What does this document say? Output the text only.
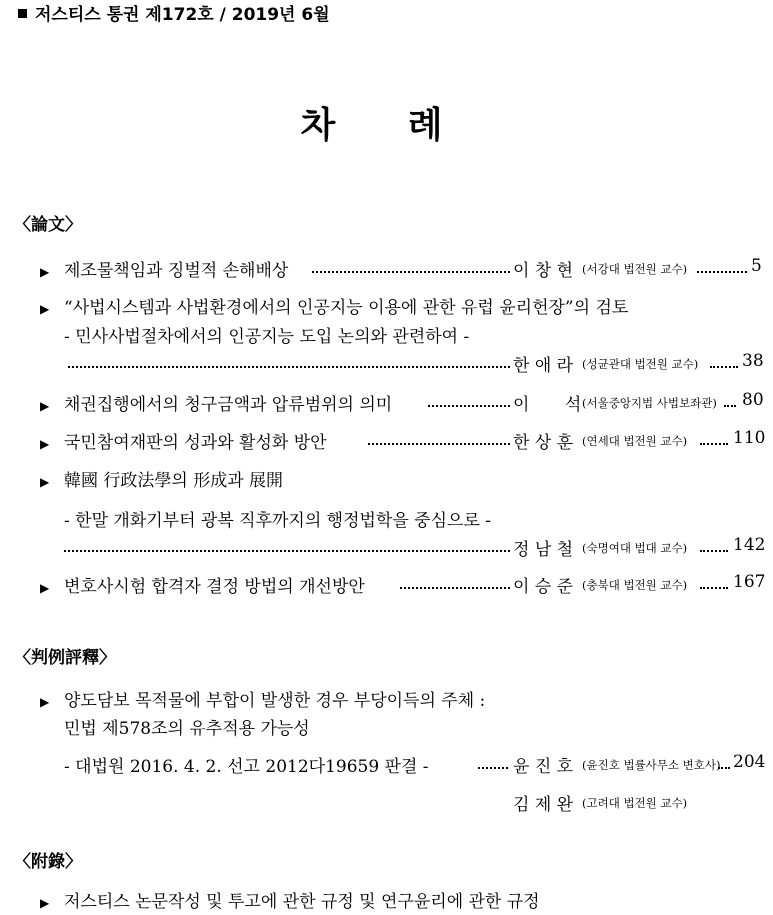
저스티스 통권 제172호 / 2019년 6월
차 례
〈論文〉
▶ 제조물책임과 징벌적 손해배상	이 창 현 (서강대 법전원 교수)	5
▶ “사법시스템과 사법환경에서의 인공지능 이용에 관한 유럽 윤리헌장”의 검토
- 민사사법절차에서의 인공지능 도입 논의와 관련하여 -
한 애 라 (성균관대 법전원 교수)	38
▶ 채권집행에서의 청구금액과 압류범위의 의미	이 석 (서울중앙지법 사법보좌관) 80
▶ 국민참여재판의 성과와 활성화 방안	한 상 훈 (연세대 법전원 교수)	110
▶ 韓國 行政法學의 形成과 展開
- 한말 개화기부터 광복 직후까지의 행정법학을 중심으로 -
정 남 철 (숙명여대 법대 교수)	142
▶ 변호사시험 합격자 결정 방법의 개선방안	이 승 준 (충북대 법전원 교수)	167
〈判例評釋〉
▶ 양도담보 목적물에 부합이 발생한 경우 부당이득의 주체 :
민법 제578조의 유추적용 가능성
- 대법원 2016. 4. 2. 선고 2012다19659 판결 -	윤 진 호 (윤진호 법률사무소 변호사) 204
김 제 완 (고려대 법전원 교수)
〈附錄〉
▶ 저스티스 논문작성 및 투고에 관한 규정 및 연구윤리에 관한 규정
